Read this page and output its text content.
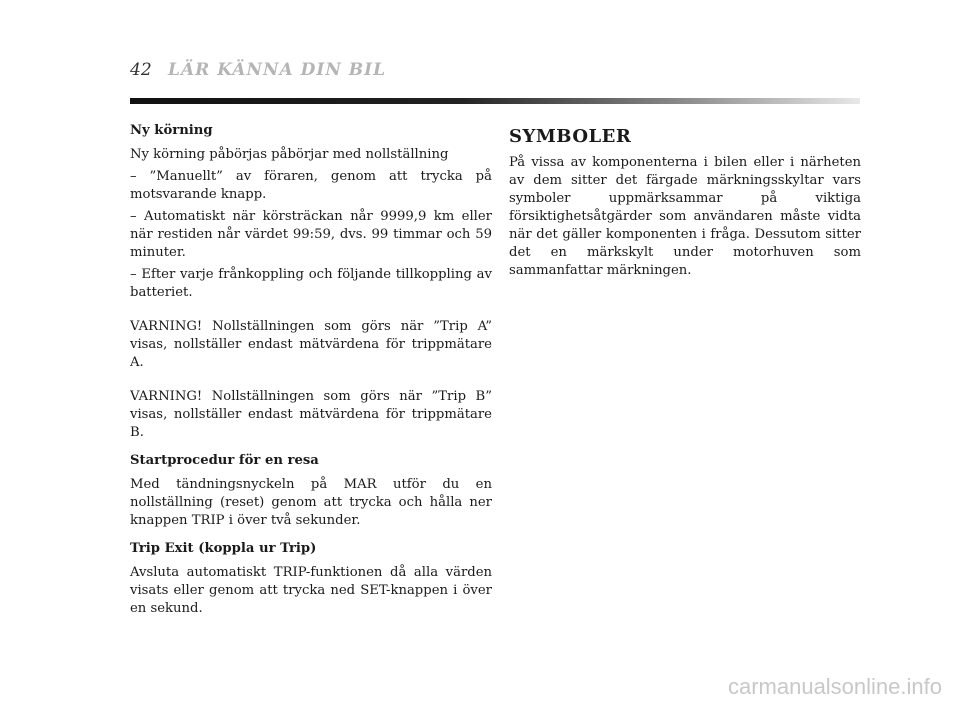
42 LÄR KÄNNA DIN BIL

Ny körning

Ny körning påbörjas påbörjar med nollställning

– ”Manuellt” av föraren, genom att trycka på motsvarande knapp.

– Automatiskt när körsträckan når 9999,9 km eller när restiden når värdet 99:59, dvs. 99 timmar och 59 minuter.

– Efter varje frånkoppling och följande tillkoppling av batteriet.

VARNING! Nollställningen som görs när ”Trip A” visas, nollställer endast mätvärdena för trippmätare A.

VARNING! Nollställningen som görs när ”Trip B” visas, nollställer endast mätvärdena för trippmätare B.

Startprocedur för en resa

Med tändningsnyckeln på MAR utför du en nollställning (reset) genom att trycka och hålla ner knappen TRIP i över två sekunder.

Trip Exit (koppla ur Trip)

Avsluta automatiskt TRIP-funktionen då alla värden visats eller genom att trycka ned SET-knappen i över en sekund.

SYMBOLER

På vissa av komponenterna i bilen eller i närheten av dem sitter det färgade märkningsskyltar vars symboler uppmärksammar på viktiga försiktighetsåtgärder som användaren måste vidta när det gäller komponenten i fråga. Dessutom sitter det en märkskylt under motorhuven som sammanfattar märkningen.

carmanualsonline.info
